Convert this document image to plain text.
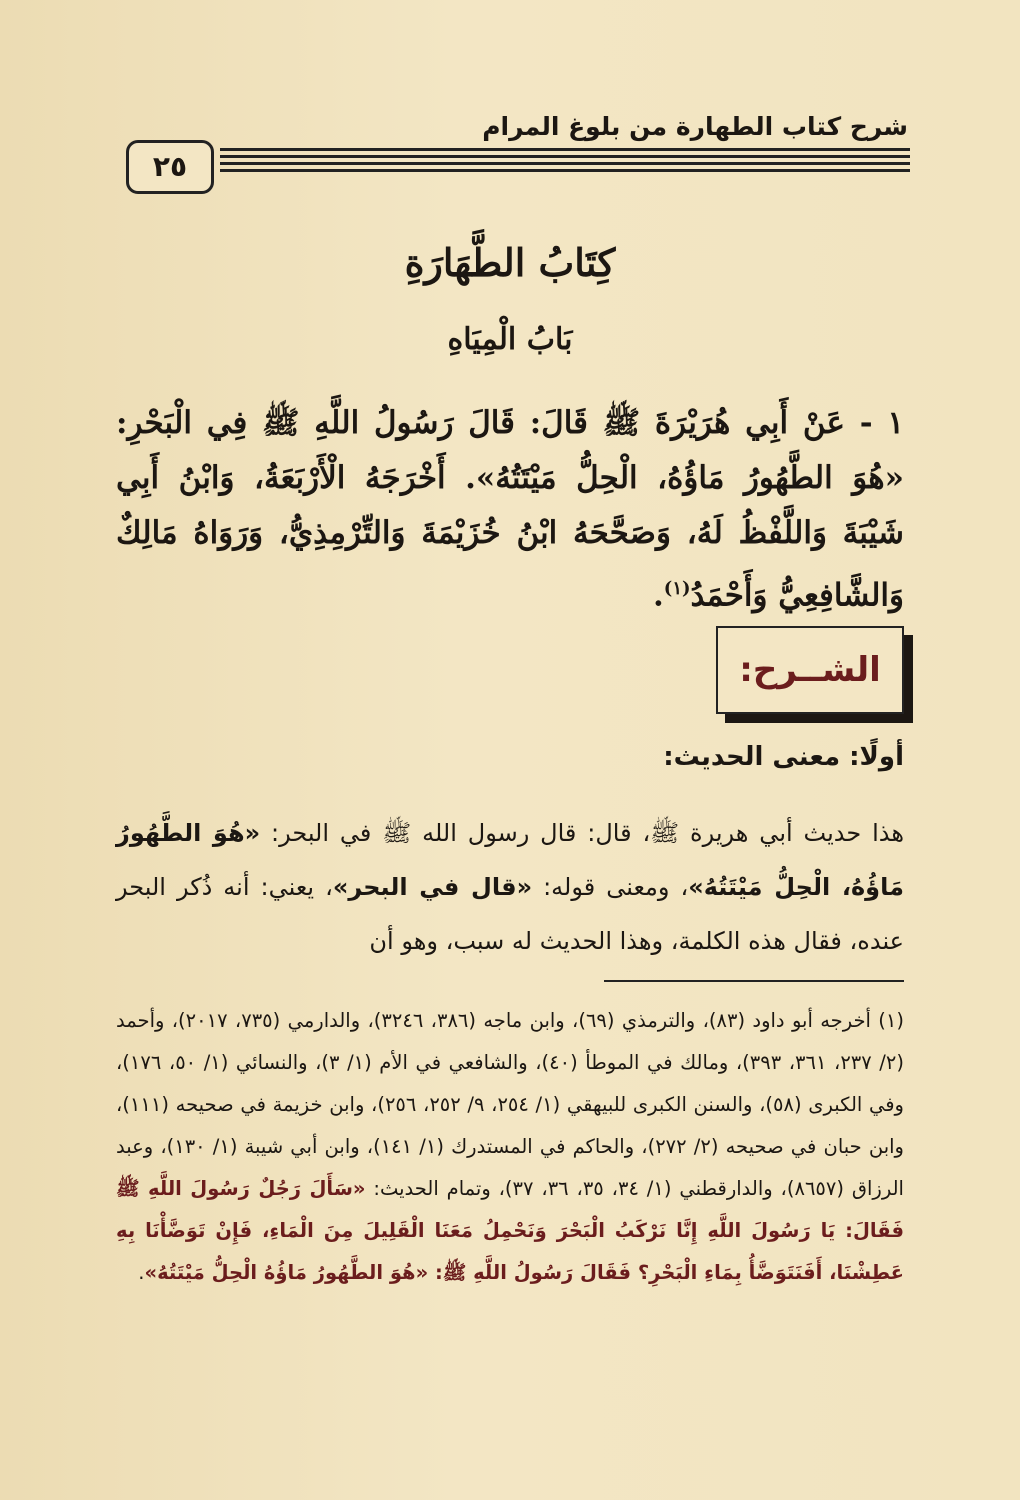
شرح كتاب الطهارة من بلوغ المرام
٢٥
كِتَابُ الطَّهَارَةِ
بَابُ الْمِيَاهِ
١ - عَنْ أَبِي هُرَيْرَةَ ﷺ قَالَ: قَالَ رَسُولُ اللَّهِ ﷺ فِي الْبَحْرِ: «هُوَ الطَّهُورُ مَاؤُهُ، الْحِلُّ مَيْتَتُهُ». أَخْرَجَهُ الْأَرْبَعَةُ، وَابْنُ أَبِي شَيْبَةَ وَاللَّفْظُ لَهُ، وَصَحَّحَهُ ابْنُ خُزَيْمَةَ وَالتِّرْمِذِيُّ، وَرَوَاهُ مَالِكٌ وَالشَّافِعِيُّ وَأَحْمَدُ$^{(١)}$.
الشــرح:
أولًا: معنى الحديث:
هذا حديث أبي هريرة ﷺ، قال: قال رسول الله ﷺ في البحر: «هُوَ الطَّهُورُ مَاؤُهُ، الْحِلُّ مَيْتَتُهُ»، ومعنى قوله: «قال في البحر»، يعني: أنه ذُكر البحر عنده، فقال هذه الكلمة، وهذا الحديث له سبب، وهو أن
(١) أخرجه أبو داود (٨٣)، والترمذي (٦٩)، وابن ماجه (٣٨٦، ٣٢٤٦)، والدارمي (٧٣٥، ٢٠١٧)، وأحمد (٢/ ٢٣٧، ٣٦١، ٣٩٣)، ومالك في الموطأ (٤٠)، والشافعي في الأم (١/ ٣)، والنسائي (١/ ٥٠، ١٧٦)، وفي الكبرى (٥٨)، والسنن الكبرى للبيهقي (١/ ٢٥٤، ٩/ ٢٥٢، ٢٥٦)، وابن خزيمة في صحيحه (١١١)، وابن حبان في صحيحه (٢/ ٢٧٢)، والحاكم في المستدرك (١/ ١٤١)، وابن أبي شيبة (١/ ١٣٠)، وعبد الرزاق (٨٦٥٧)، والدارقطني (١/ ٣٤، ٣٥، ٣٦، ٣٧)، وتمام الحديث: «سَأَلَ رَجُلٌ رَسُولَ اللَّهِ ﷺ فَقَالَ: يَا رَسُولَ اللَّهِ إِنَّا نَرْكَبُ الْبَحْرَ وَنَحْمِلُ مَعَنَا الْقَلِيلَ مِنَ الْمَاءِ، فَإِنْ تَوَضَّأْنَا بِهِ عَطِشْنَا، أَفَنَتَوَضَّأُ بِمَاءِ الْبَحْرِ؟ فَقَالَ رَسُولُ اللَّهِ ﷺ: «هُوَ الطَّهُورُ مَاؤُهُ الْحِلُّ مَيْتَتُهُ».
